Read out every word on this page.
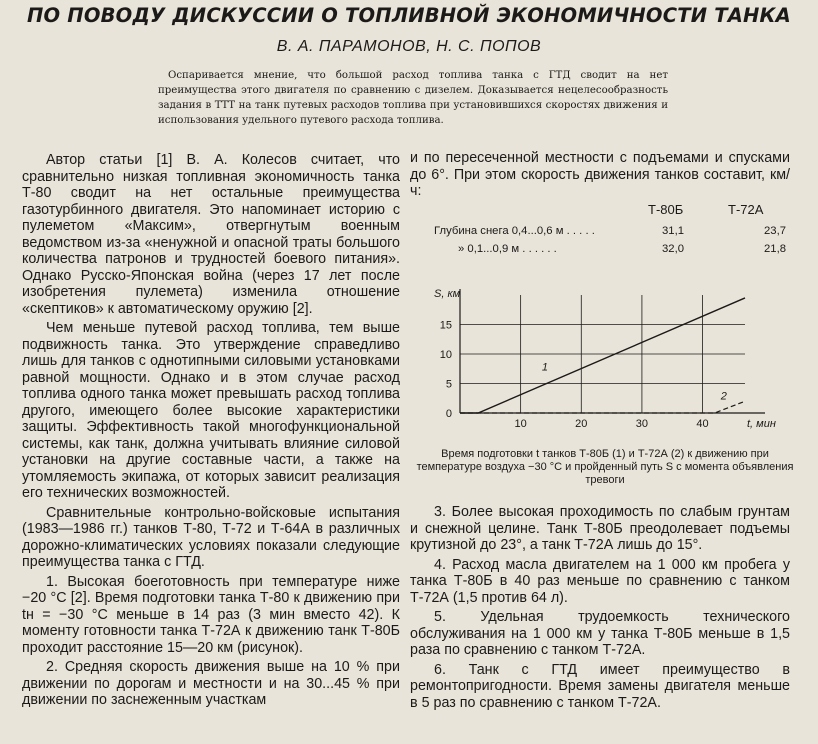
ПО ПОВОДУ ДИСКУССИИ О ТОПЛИВНОЙ ЭКОНОМИЧНОСТИ ТАНКА
В. А. ПАРАМОНОВ, Н. С. ПОПОВ
Оспаривается мнение, что большой расход топлива танка с ГТД сводит на нет преимущества этого двигателя по сравнению с дизелем. Доказывается нецелесообразность задания в ТТТ на танк путевых расходов топлива при установившихся скоростях движения и использования удельного путевого расхода топлива.

Автор статьи [1] В. А. Колесов считает, что сравнительно низкая топливная экономичность танка Т-80 сводит на нет остальные преимущества газотурбинного двигателя. Это напоминает историю с пулеметом «Максим», отвергнутым военным ведомством из-за «ненужной и опасной траты большого количества патронов и трудностей боевого питания». Однако Русско-Японская война (через 17 лет после изобретения пулемета) изменила отношение «скептиков» к автоматическому оружию [2].

Чем меньше путевой расход топлива, тем выше подвижность танка. Это утверждение справедливо лишь для танков с однотипными силовыми установками равной мощности. Однако и в этом случае расход топлива одного танка может превышать расход топлива другого, имеющего более высокие характеристики защиты. Эффективность такой многофункциональной системы, как танк, должна учитывать влияние силовой установки на другие составные части, а также на утомляемость экипажа, от которых зависит реализация его технических возможностей.

Сравнительные контрольно-войсковые испытания (1983—1986 гг.) танков Т-80, Т-72 и Т-64А в различных дорожно-климатических условиях показали следующие преимущества танка с ГТД.

1. Высокая боеготовность при температуре ниже −20 °С [2]. Время подготовки танка Т-80 к движению при tн = −30 °С меньше в 14 раз (3 мин вместо 42). К моменту готовности танка Т-72А к движению танк Т-80Б проходит расстояние 15—20 км (рисунок).

2. Средняя скорость движения выше на 10 % при движении по дорогам и местности и на 30...45 % при движении по заснеженным участкам

и по пересеченной местности с подъемами и спусками до 6°. При этом скорость движения танков составит, км/ч:

Т-80Б	Т-72А
Глубина снега 0,4...0,6 м . . . . .	31,1	23,7
» 0,1...0,9 м . . . . . .	32,0	21,8
10	20	30	40
0
5
10
15
S, км
t, мин
1
2
Время подготовки t танков Т-80Б (1) и Т-72А (2) к движению при температуре воздуха −30 °С и пройденный путь S с момента объявления тревоги

3. Более высокая проходимость по слабым грунтам и снежной целине. Танк Т-80Б преодолевает подъемы крутизной до 23°, а танк Т-72А лишь до 15°.

4. Расход масла двигателем на 1 000 км пробега у танка Т-80Б в 40 раз меньше по сравнению с танком Т-72А (1,5 против 64 л).

5. Удельная трудоемкость технического обслуживания на 1 000 км у танка Т-80Б меньше в 1,5 раза по сравнению с танком Т-72А.

6. Танк с ГТД имеет преимущество в ремонтопригодности. Время замены двигателя меньше в 5 раз по сравнению с танком Т-72А.
